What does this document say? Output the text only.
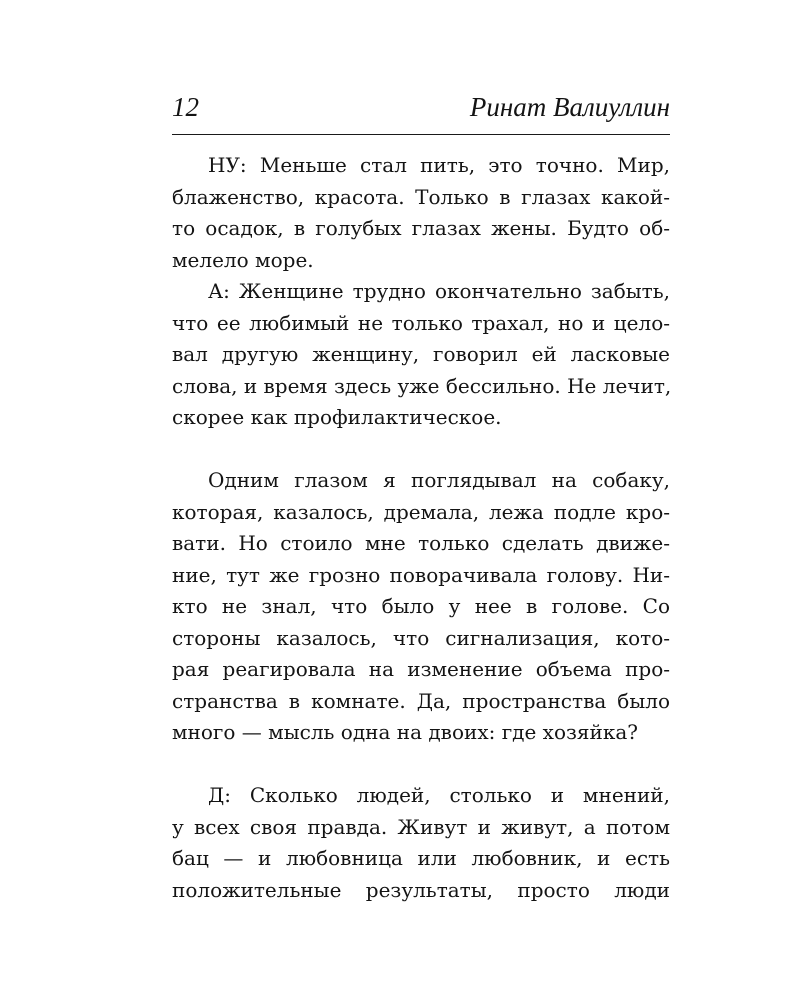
12	Ринат Валиуллин
НУ: Меньше стал пить, это точно. Мир,
блаженство, красота. Только в глазах какой-
то осадок, в голубых глазах жены. Будто об-
мелело море.
А: Женщине трудно окончательно забыть,
что ее любимый не только трахал, но и цело-
вал другую женщину, говорил ей ласковые
слова, и время здесь уже бессильно. Не лечит,
скорее как профилактическое.
Одним глазом я поглядывал на собаку,
которая, казалось, дремала, лежа подле кро-
вати. Но стоило мне только сделать движе-
ние, тут же грозно поворачивала голову. Ни-
кто не знал, что было у нее в голове. Со
стороны казалось, что сигнализация, кото-
рая реагировала на изменение объема про-
странства в комнате. Да, пространства было
много — мысль одна на двоих: где хозяйка?
Д: Сколько людей, столько и мнений,
у всех своя правда. Живут и живут, а потом
бац — и любовница или любовник, и есть
положительные результаты, просто люди
